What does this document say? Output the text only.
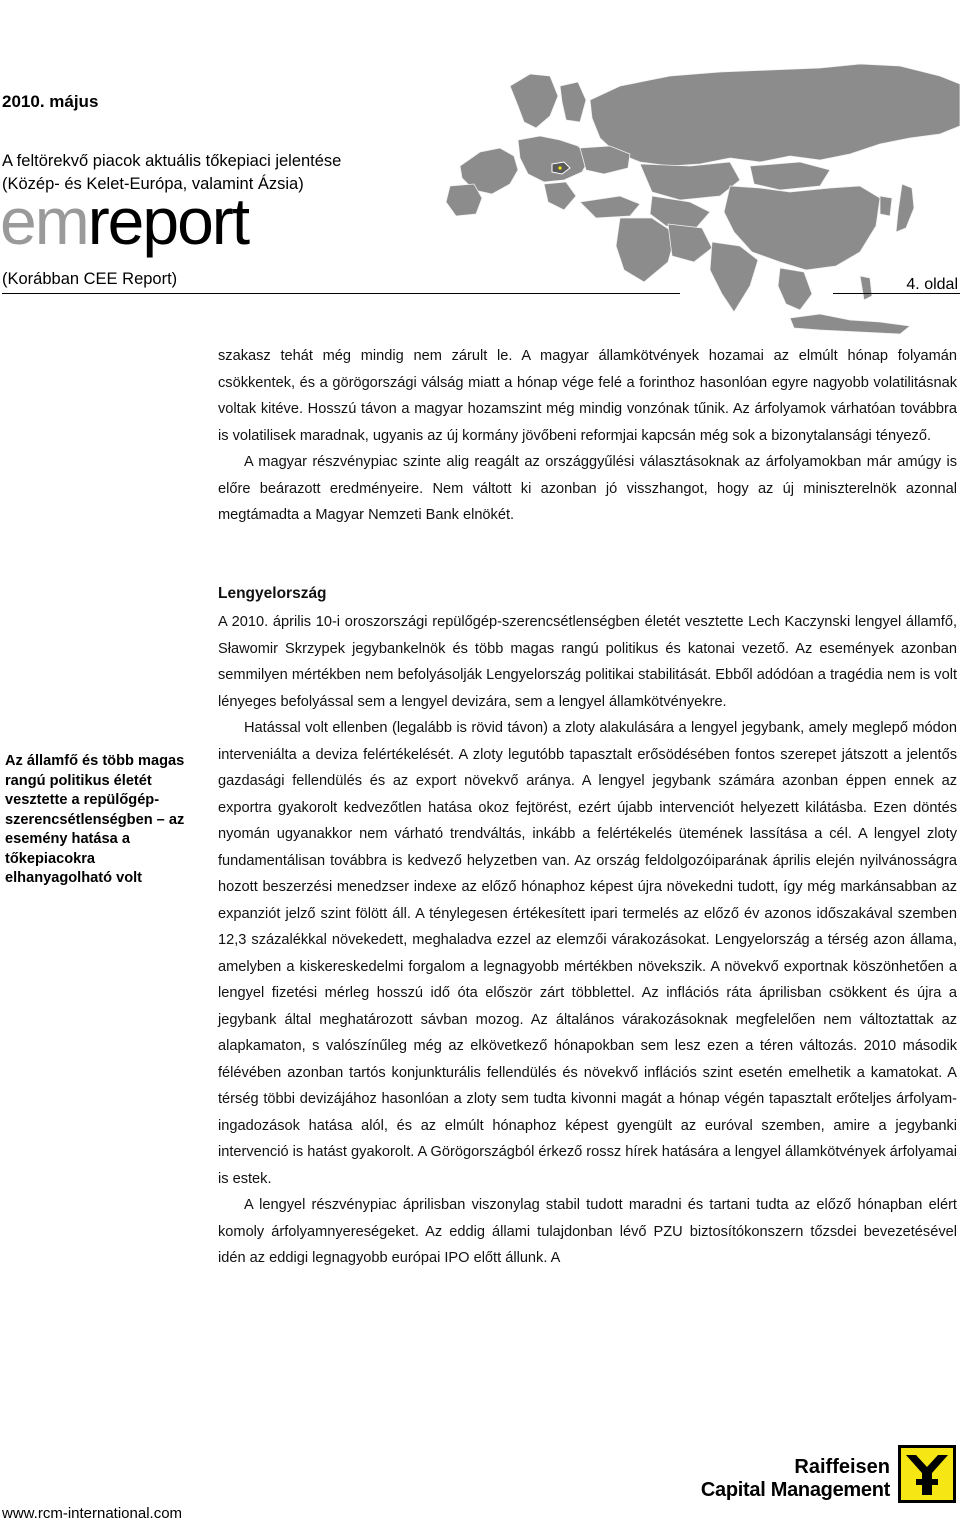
2010. május
A feltörekvő piacok aktuális tőkepiaci jelentése
(Közép- és Kelet-Európa, valamint Ázsia)
emreport
(Korábban CEE Report)	4. oldal

szakasz tehát még mindig nem zárult le. A magyar államkötvények hozamai az elmúlt hónap folyamán csökkentek, és a görögországi válság miatt a hónap vége felé a forinthoz hasonlóan egyre nagyobb volatilitásnak voltak kitéve. Hosszú távon a magyar hozamszint még mindig vonzónak tűnik. Az árfolyamok várhatóan továbbra is volatilisek maradnak, ugyanis az új kormány jövőbeni reformjai kapcsán még sok a bizonytalansági tényező.

A magyar részvénypiac szinte alig reagált az országgyűlési választásoknak az árfolyamokban már amúgy is előre beárazott eredményeire. Nem váltott ki azonban jó visszhangot, hogy az új miniszterelnök azonnal megtámadta a Magyar Nemzeti Bank elnökét.

Lengyelország

A 2010. április 10-i oroszországi repülőgép-szerencsétlenségben életét vesztette Lech Kaczynski lengyel államfő, Sławomir Skrzypek jegybankelnök és több magas rangú politikus és katonai vezető. Az események azonban semmilyen mértékben nem befolyásolják Lengyelország politikai stabilitását. Ebből adódóan a tragédia nem is volt lényeges befolyással sem a lengyel devizára, sem a lengyel államkötvényekre.

Hatással volt ellenben (legalább is rövid távon) a zloty alakulására a lengyel jegybank, amely meglepő módon interveniálta a deviza felértékelését. A zloty legutóbb tapasztalt erősödésében fontos szerepet játszott a jelentős gazdasági fellendülés és az export növekvő aránya. A lengyel jegybank számára azonban éppen ennek az exportra gyakorolt kedvezőtlen hatása okoz fejtörést, ezért újabb intervenciót helyezett kilátásba. Ezen döntés nyomán ugyanakkor nem várható trendváltás, inkább a felértékelés ütemének lassítása a cél. A lengyel zloty fundamentálisan továbbra is kedvező helyzetben van. Az ország feldolgozóiparának április elején nyilvánosságra hozott beszerzési menedzser indexe az előző hónaphoz képest újra növekedni tudott, így még markánsabban az expanziót jelző szint fölött áll. A ténylegesen értékesített ipari termelés az előző év azonos időszakával szemben 12,3 százalékkal növekedett, meghaladva ezzel az elemzői várakozásokat. Lengyelország a térség azon állama, amelyben a kiskereskedelmi forgalom a legnagyobb mértékben növekszik. A növekvő exportnak köszönhetően a lengyel fizetési mérleg hosszú idő óta először zárt többlettel. Az inflációs ráta áprilisban csökkent és újra a jegybank által meghatározott sávban mozog. Az általános várakozásoknak megfelelően nem változtattak az alapkamaton, s valószínűleg még az elkövetkező hónapokban sem lesz ezen a téren változás. 2010 második félévében azonban tartós konjunkturális fellendülés és növekvő inflációs szint esetén emelhetik a kamatokat. A térség többi devizájához hasonlóan a zloty sem tudta kivonni magát a hónap végén tapasztalt erőteljes árfolyam-ingadozások hatása alól, és az elmúlt hónaphoz képest gyengült az euróval szemben, amire a jegybanki intervenció is hatást gyakorolt. A Görögországból érkező rossz hírek hatására a lengyel államkötvények árfolyamai is estek.

A lengyel részvénypiac áprilisban viszonylag stabil tudott maradni és tartani tudta az előző hónapban elért komoly árfolyamnyereségeket. Az eddig állami tulajdonban lévő PZU biztosítókonszern tőzsdei bevezetésével idén az eddigi legnagyobb európai IPO előtt állunk. A

Az államfő és több magas rangú politikus életét vesztette a repülőgép-szerencsétlenségben – az esemény hatása a tőkepiacokra elhanyagolható volt
www.rcm-international.com
Raiffeisen
Capital Management
